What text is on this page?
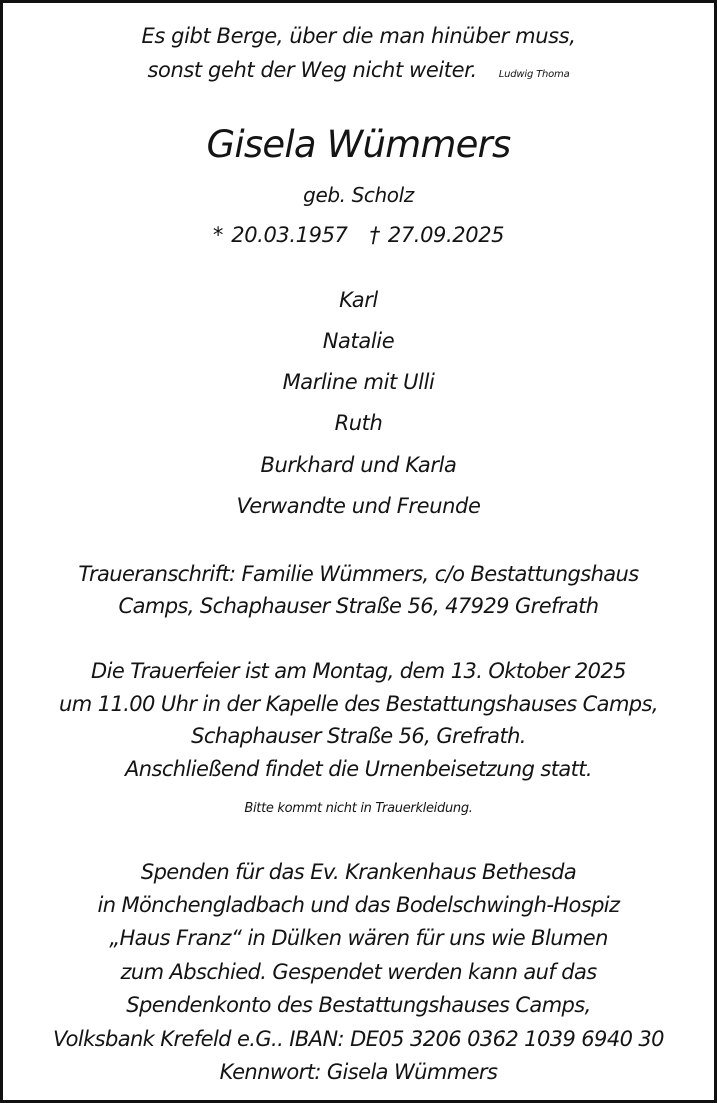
Es gibt Berge, über die man hinüber muss,
sonst geht der Weg nicht weiter. Ludwig Thoma
Gisela Wümmers
geb. Scholz
* 20.03.1957 † 27.09.2025
Karl
Natalie
Marline mit Ulli
Ruth
Burkhard und Karla
Verwandte und Freunde
Traueranschrift: Familie Wümmers, c/o Bestattungshaus
Camps, Schaphauser Straße 56, 47929 Grefrath
Die Trauerfeier ist am Montag, dem 13. Oktober 2025
um 11.00 Uhr in der Kapelle des Bestattungshauses Camps,
Schaphauser Straße 56, Grefrath.
Anschließend findet die Urnenbeisetzung statt.
Bitte kommt nicht in Trauerkleidung.
Spenden für das Ev. Krankenhaus Bethesda
in Mönchengladbach und das Bodelschwingh-Hospiz
„Haus Franz“ in Dülken wären für uns wie Blumen
zum Abschied. Gespendet werden kann auf das
Spendenkonto des Bestattungshauses Camps,
Volksbank Krefeld e.G.. IBAN: DE05 3206 0362 1039 6940 30
Kennwort: Gisela Wümmers
